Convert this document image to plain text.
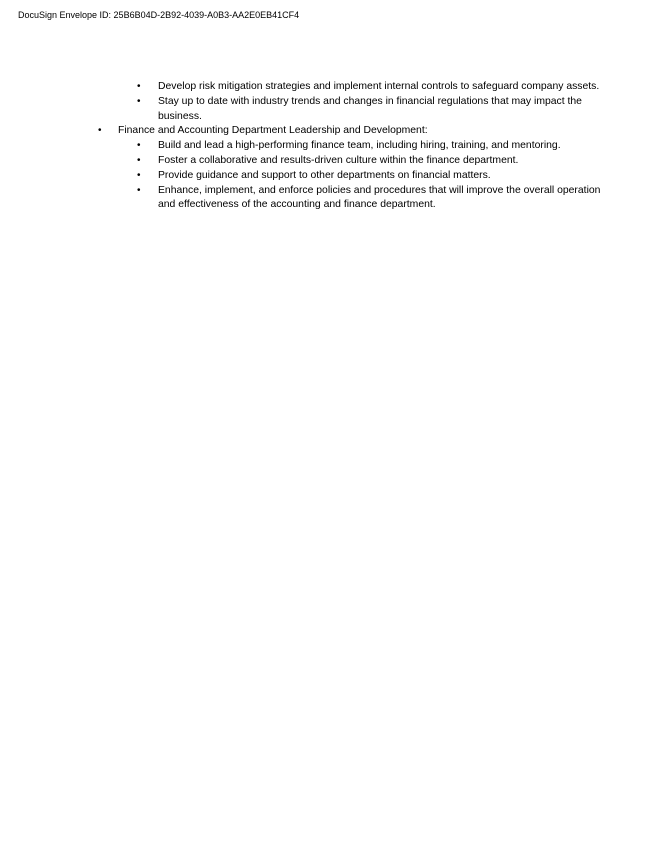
DocuSign Envelope ID: 25B6B04D-2B92-4039-A0B3-AA2E0EB41CF4
• Develop risk mitigation strategies and implement internal controls to safeguard company assets.
• Stay up to date with industry trends and changes in financial regulations that may impact the business.
• Finance and Accounting Department Leadership and Development:
• Build and lead a high-performing finance team, including hiring, training, and mentoring.
• Foster a collaborative and results-driven culture within the finance department.
• Provide guidance and support to other departments on financial matters.
• Enhance, implement, and enforce policies and procedures that will improve the overall operation and effectiveness of the accounting and finance department.
